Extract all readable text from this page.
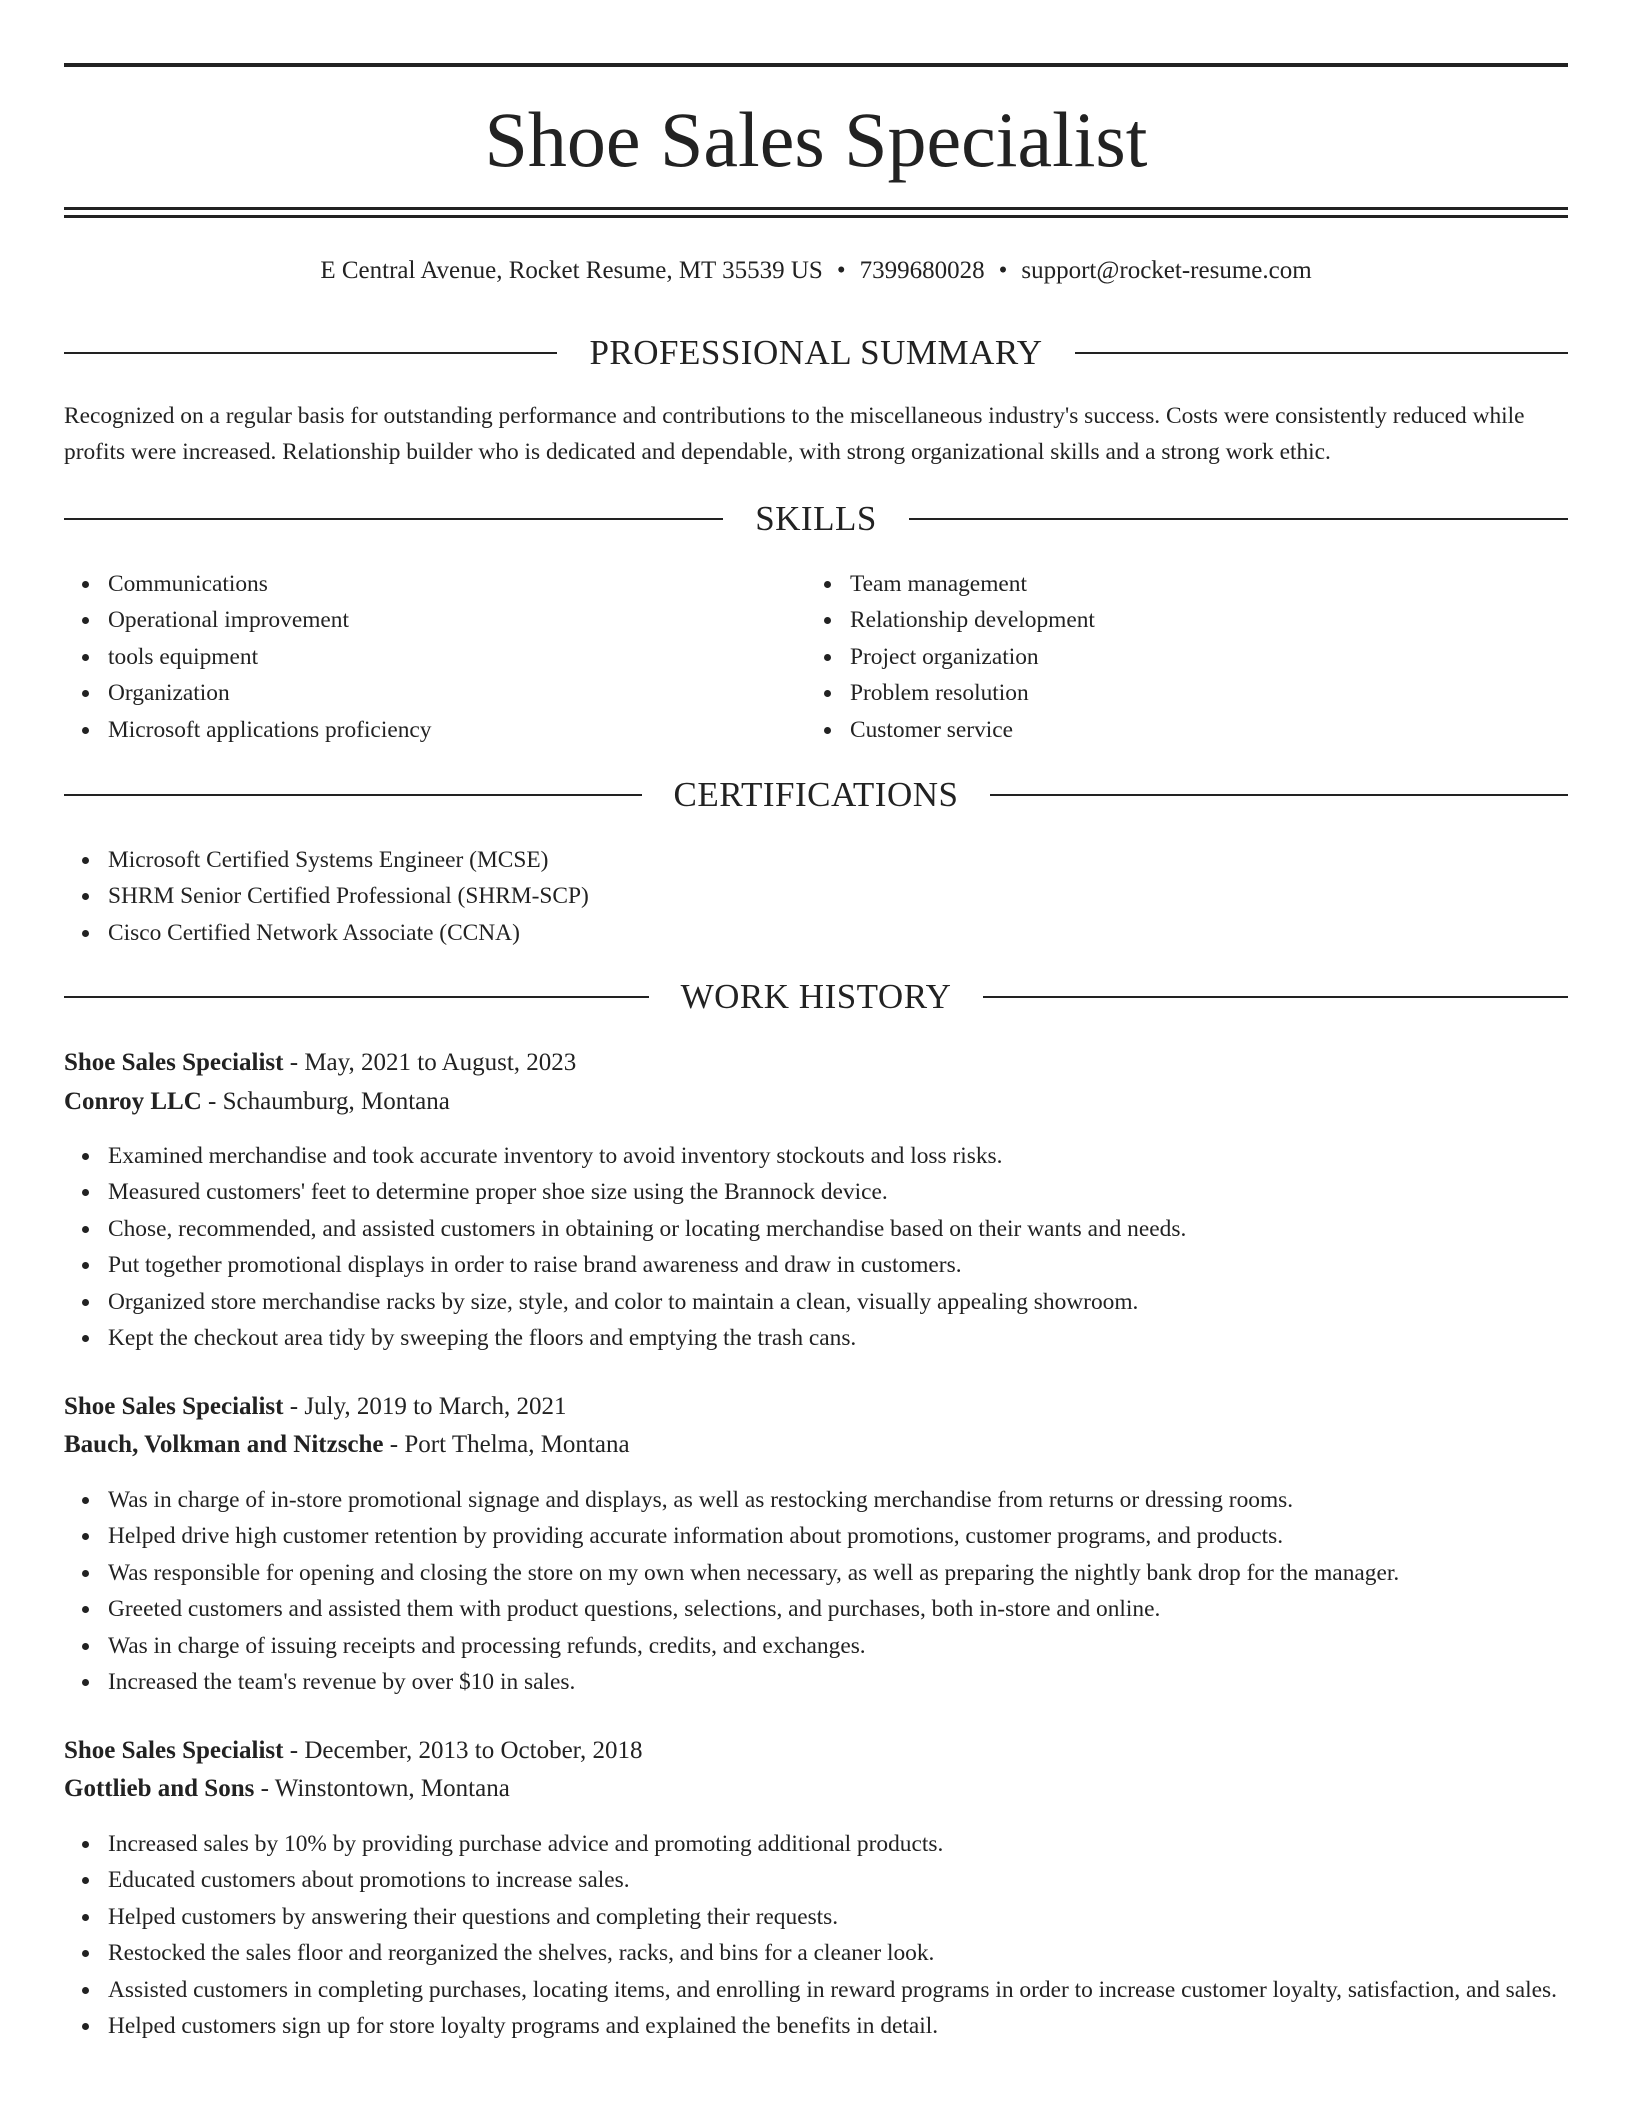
Shoe Sales Specialist
E Central Avenue, Rocket Resume, MT 35539 US • 7399680028 • support@rocket-resume.com
PROFESSIONAL SUMMARY
Recognized on a regular basis for outstanding performance and contributions to the miscellaneous industry's success. Costs were consistently reduced while profits were increased. Relationship builder who is dedicated and dependable, with strong organizational skills and a strong work ethic.
SKILLS
Communications
Operational improvement
tools equipment
Organization
Microsoft applications proficiency
Team management
Relationship development
Project organization
Problem resolution
Customer service
CERTIFICATIONS
Microsoft Certified Systems Engineer (MCSE)
SHRM Senior Certified Professional (SHRM-SCP)
Cisco Certified Network Associate (CCNA)
WORK HISTORY
Shoe Sales Specialist - May, 2021 to August, 2023
Conroy LLC - Schaumburg, Montana
Examined merchandise and took accurate inventory to avoid inventory stockouts and loss risks.
Measured customers' feet to determine proper shoe size using the Brannock device.
Chose, recommended, and assisted customers in obtaining or locating merchandise based on their wants and needs.
Put together promotional displays in order to raise brand awareness and draw in customers.
Organized store merchandise racks by size, style, and color to maintain a clean, visually appealing showroom.
Kept the checkout area tidy by sweeping the floors and emptying the trash cans.
Shoe Sales Specialist - July, 2019 to March, 2021
Bauch, Volkman and Nitzsche - Port Thelma, Montana
Was in charge of in-store promotional signage and displays, as well as restocking merchandise from returns or dressing rooms.
Helped drive high customer retention by providing accurate information about promotions, customer programs, and products.
Was responsible for opening and closing the store on my own when necessary, as well as preparing the nightly bank drop for the manager.
Greeted customers and assisted them with product questions, selections, and purchases, both in-store and online.
Was in charge of issuing receipts and processing refunds, credits, and exchanges.
Increased the team's revenue by over $10 in sales.
Shoe Sales Specialist - December, 2013 to October, 2018
Gottlieb and Sons - Winstontown, Montana
Increased sales by 10% by providing purchase advice and promoting additional products.
Educated customers about promotions to increase sales.
Helped customers by answering their questions and completing their requests.
Restocked the sales floor and reorganized the shelves, racks, and bins for a cleaner look.
Assisted customers in completing purchases, locating items, and enrolling in reward programs in order to increase customer loyalty, satisfaction, and sales.
Helped customers sign up for store loyalty programs and explained the benefits in detail.
